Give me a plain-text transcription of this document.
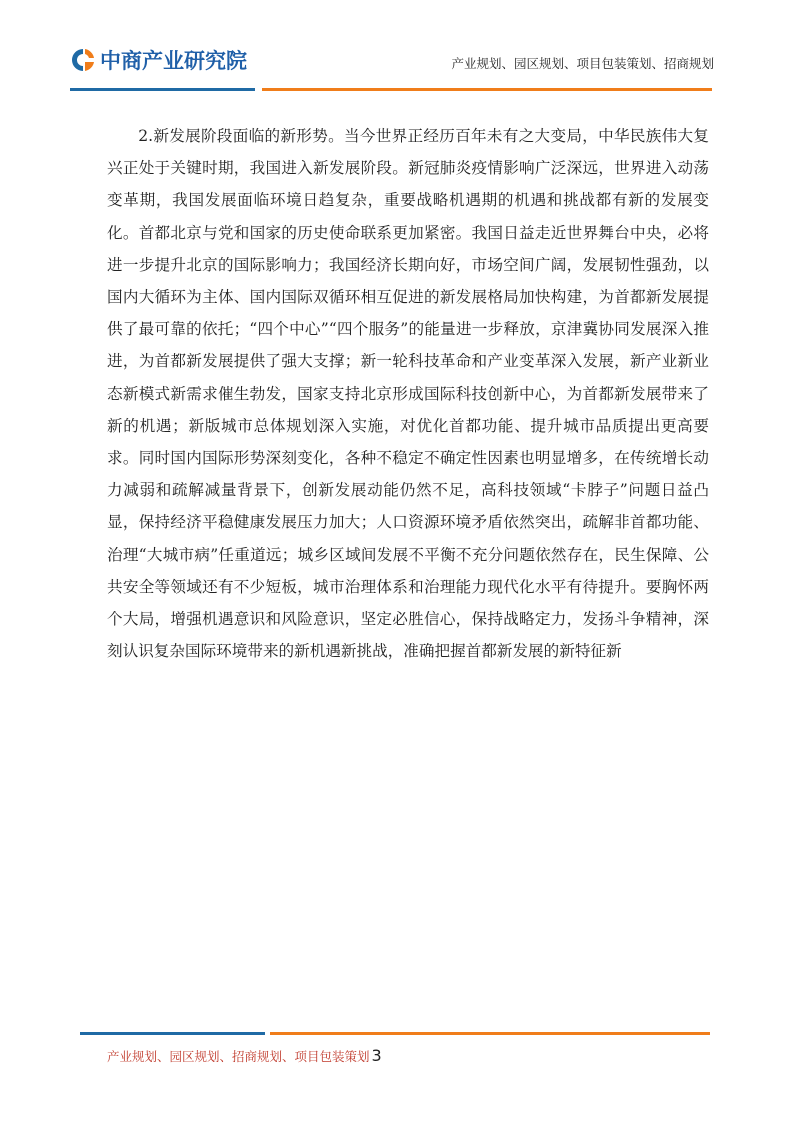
中商产业研究院	产业规划、园区规划、项目包装策划、招商规划

2.新发展阶段面临的新形势。当今世界正经历百年未有之大变局，中华民族伟大复兴正处于关键时期，我国进入新发展阶段。新冠肺炎疫情影响广泛深远，世界进入动荡变革期，我国发展面临环境日趋复杂，重要战略机遇期的机遇和挑战都有新的发展变化。首都北京与党和国家的历史使命联系更加紧密。我国日益走近世界舞台中央，必将进一步提升北京的国际影响力；我国经济长期向好，市场空间广阔，发展韧性强劲，以国内大循环为主体、国内国际双循环相互促进的新发展格局加快构建，为首都新发展提供了最可靠的依托；“四个中心”“四个服务”的能量进一步释放，京津冀协同发展深入推进，为首都新发展提供了强大支撑；新一轮科技革命和产业变革深入发展，新产业新业态新模式新需求催生勃发，国家支持北京形成国际科技创新中心，为首都新发展带来了新的机遇；新版城市总体规划深入实施，对优化首都功能、提升城市品质提出更高要求。同时国内国际形势深刻变化，各种不稳定不确定性因素也明显增多，在传统增长动力减弱和疏解减量背景下，创新发展动能仍然不足，高科技领域“卡脖子”问题日益凸显，保持经济平稳健康发展压力加大；人口资源环境矛盾依然突出，疏解非首都功能、治理“大城市病”任重道远；城乡区域间发展不平衡不充分问题依然存在，民生保障、公共安全等领域还有不少短板，城市治理体系和治理能力现代化水平有待提升。要胸怀两个大局，增强机遇意识和风险意识，坚定必胜信心，保持战略定力，发扬斗争精神，深刻认识复杂国际环境带来的新机遇新挑战，准确把握首都新发展的新特征新

产业规划、园区规划、招商规划、项目包装策划 3
